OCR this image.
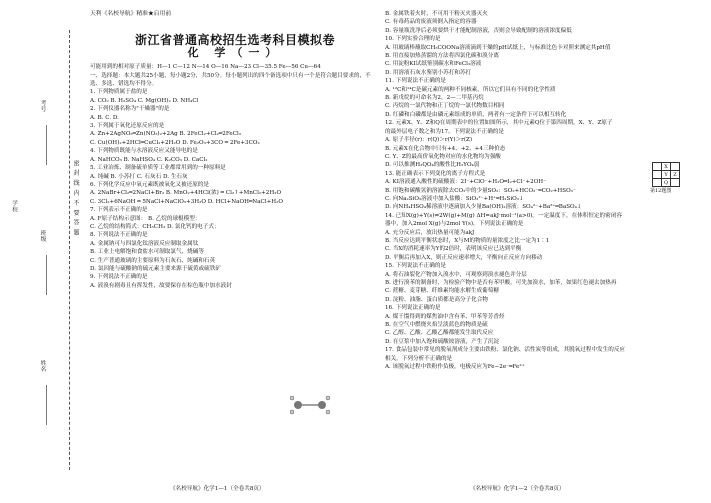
学校
考号
班级
姓名
密 封 线 内 不 要 答 题
天利《名校导航》精准★启用前
浙江省普通高校招生选考科目模拟卷
化 学（一）
可能用到的相对原子质量：H—1 C—12 N—14 O—16 Na—23 Cl—35.5 Fe—56 Cu—64
一、选择题：本大题共25小题，每小题2分，共50分。每小题列出的四个备选项中只有一个是符合题目要求的，不选、多选、错选均不得分。
1. 下列物质属于盐的是
A. CO₂ B. H₂SO₄ C. Mg(OH)₂ D. NH₄Cl
2. 下列仪器名称为"干燥器"的是
A. B. C. D.
3. 下列属于氧化还原反应的是
A. Zn+2AgNO₃═Zn(NO₃)₂+2Ag B. 2FeCl₂+Cl₂═2FeCl₃
C. Cu(OH)₂+2HCl═CuCl₂+2H₂O D. Fe₂O₃+3CO ═ 2Fe+3CO₂
4. 下列物质既能与水溶液反应又能导电的是
A. NaHCO₃ B. NaHSO₄ C. K₂CO₃ D. CaCl₂
5. 工业冶炼、制备硫单质等工业都常用到的一种原料是
A. 纯碱 B. 小苏打 C. 石灰石 D. 生石灰
6. 下列化学反应中氧元素既被氧化又被还原的是
A. 2NaBr+Cl₂═2NaCl+Br₂ B. MnO₂+4HCl(浓) ═ Cl₂↑+MnCl₂+2H₂O
C. 3Cl₂+6NaOH ═ 5NaCl+NaClO₃+3H₂O D. HCl+NaOH═NaCl+H₂O
7. 下列表示不正确的是
A. F原子结构示意图： B. 乙烷的球棍模型：
C. 乙烷的结构简式：CH₃CH₃ D. 氯化钙的电子式：
8. 下列说法不正确的是
A. 金属钠可与四氯化钛溶液反应制取金属钛
B. 工业上电解饱和食盐水可制取氯气、烧碱等
C. 生产普通玻璃的主要原料为石灰石、纯碱和石英
D. 氯因能与硫酸钠的硫元素主要来源于硫黄或硫铁矿
9. 下列说法不正确的是
A. 液溴有剧毒且有挥发性，故要保存在棕色瓶中加水液封
B. 金属铁着火时，不可用干粉灭火器灭火
C. 有毒药品的废液须倒入指定的容器
D. 容量瓶洗净后必须要烘干才能配制溶液，否则会导致配制的溶液浓度偏低
10. 下列实验合理的是
A. 用玻璃棒蘸取CH₃COONa溶液滴到干燥的pH试纸上，与标准比色卡对照来测定其pH值
B. 用直接加热蒸馏的方法将四氯化碳和溴分离
C. 用淀粉KI试纸鉴别碳水和FeCl₃溶液
D. 用溶液石灰水鉴别小苏打和苏打
11. 下列说法不正确的是
A. ¹²C和¹⁴C是碳元素的两种不同核素，所以它们具有不同的化学性质
B. 新戊烷的可命名为2，2—二甲基丙烷
C. 丙烷的一氯代物和正丁烷的一氯代物数目相同
D. 红磷和白磷都是由磷元素组成的单质，两者有一定条件下可以相互转化
12. 元素X、Y、Z和Q在周期表中的位置如图所示，其中元素Q位于第四周期，X、Y、Z原子
的最外层电子数之和为17。下列说法不正确的是
A. 原子半径(r)：r(Q)＞r(Y)＞r(Z)
B. 元素X在化合物中只有+4、+2、+4三种价态
C. Y、Z的最高价氧化物对应的水化物均为强酸
D. 可以推测H₃QO₄的酸性比H₃YO₄弱
13. 能正确表示下列变化的离子方程式是
A. KI溶液通入酸性的硫酸液：2I⁻+ClO⁻+H₂O═I₂+Cl⁻+2OH⁻
B. 用饱和碳酸氢钠溶液除去CO₂中的少量SO₂：SO₂+HCO₃⁻═CO₂+HSO₃⁻
C. 向Na₂SiO₃溶液中加入盐酸：SiO₃²⁻+H⁺═H₂SiO₃↓
D. 向NH₄HSO₄稀溶液中逐滴加入少量Ba(OH)₂溶液：SO₄²⁻+Ba²⁺═BaSO₄↓
14. 已知X(g)+Y(s)⇌2W(g)+M(g) ΔH=akJ·mol⁻¹(a>0)。一定温度下，在体积恒定的密闭容
器中，加入2mol X(g)与2mol Y(s)，下列说法正确的是
A. 充分反应后，放出热量可能为akJ
B. 当反应达到平衡状态时，X与M的物质的量浓度之比一定为1∶1
C. 当X的消耗速率为Y的2倍时，表明该反应已达到平衡
D. 平衡后再加入X，则正反应速率增大，平衡向正反应方向移动
15. 下列说法不正确的是
A. 将石油裂化产物加入溴水中，可观察到溴水褪色并分层
B. 进行溴苯的制备时，为检验产物中是否有苯甲酸，可先加溴水，加苯，如果红色褪去加热再
C. 蔗糖、麦芽糖、纤维素均能水解生成葡萄糖
D. 淀粉、油脂、蛋白质都是高分子化合物
16. 下列说法正确的是
A. 煤干馏得到的煤焦油中含有苯、甲苯等芳香烃
B. 在空气中燃烧火焰呈淡蓝色的物质是硫
C. 乙醇、乙酸、乙酸乙酯都能发生取代反应
D. 在豆浆中加入饱和硫酸铵溶液，产生了沉淀
17. 食品包装中常见的脱氧剂成分主要由铁粉、氯化钠、活性炭等组成，其脱氧过程中发生的反应
相关。下列分析不正确的是
A. 该脱氧过程中铁粉作负极，电极反应为Fe−2e⁻═Fe²⁺
	X	
	Y	Z
	Q	
第12题图
《名校导航》化学1—1（全卷共8页）	《名校导航》化学1—2（全卷共8页）
